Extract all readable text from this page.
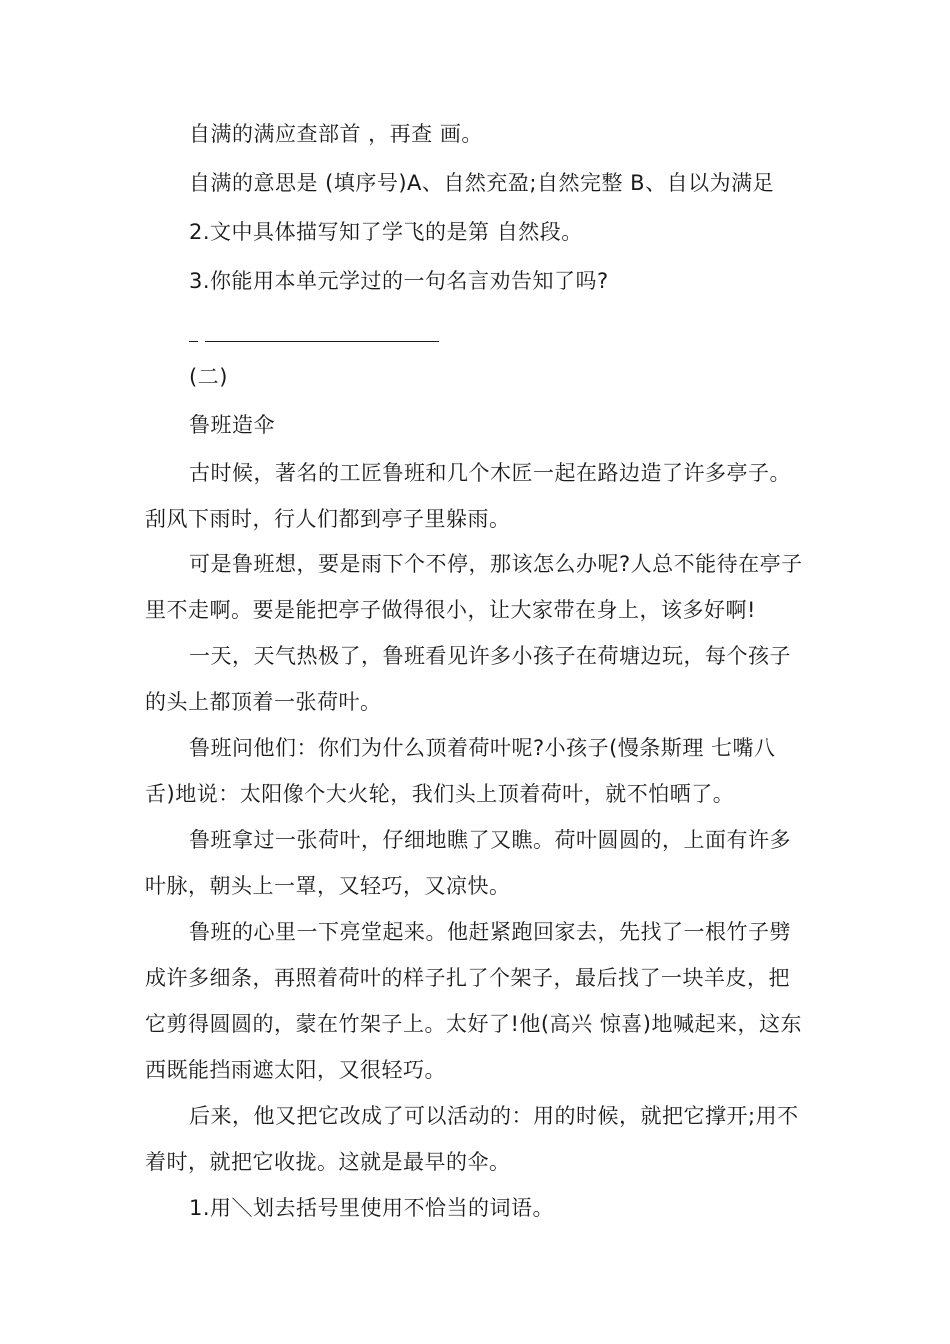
自满的满应查部首 ，再查 画。
自满的意思是 (填序号)A、自然充盈;自然完整 B、自以为满足
2.文中具体描写知了学飞的是第 自然段。
3.你能用本单元学过的一句名言劝告知了吗?
(二)
鲁班造伞
古时候，著名的工匠鲁班和几个木匠一起在路边造了许多亭子。
刮风下雨时，行人们都到亭子里躲雨。
可是鲁班想，要是雨下个不停，那该怎么办呢?人总不能待在亭子
里不走啊。要是能把亭子做得很小，让大家带在身上，该多好啊!
一天，天气热极了，鲁班看见许多小孩子在荷塘边玩，每个孩子
的头上都顶着一张荷叶。
鲁班问他们：你们为什么顶着荷叶呢?小孩子(慢条斯理 七嘴八
舌)地说：太阳像个大火轮，我们头上顶着荷叶，就不怕晒了。
鲁班拿过一张荷叶，仔细地瞧了又瞧。荷叶圆圆的，上面有许多
叶脉，朝头上一罩，又轻巧，又凉快。
鲁班的心里一下亮堂起来。他赶紧跑回家去，先找了一根竹子劈
成许多细条，再照着荷叶的样子扎了个架子，最后找了一块羊皮，把
它剪得圆圆的，蒙在竹架子上。太好了!他(高兴 惊喜)地喊起来，这东
西既能挡雨遮太阳，又很轻巧。
后来，他又把它改成了可以活动的：用的时候，就把它撑开;用不
着时，就把它收拢。这就是最早的伞。
1.用＼划去括号里使用不恰当的词语。
